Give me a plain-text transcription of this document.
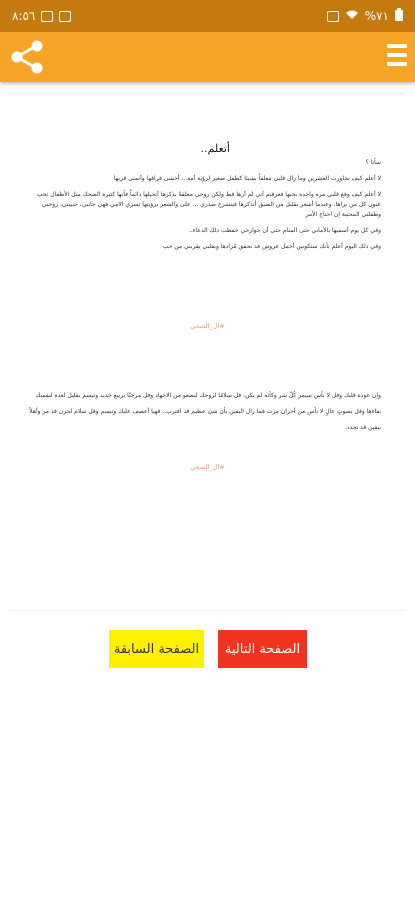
٨:٥٦	%٧١
أتعلم..

سأنا ؟

لا أعلم كيف تجاوزت العشرين وما زال قلبي معلقاً بشيئا كطفل صغير لرؤية أمه... أخشى فراقها وأتمنى قربها

لا أعلم كيف وقع قلبي مرة واحدة بحبها فعرفتم أني لم أرها قط ولكن روحي معلقةً بذكرها أتخيلها دائماً فأنها كثيرة الضحك مثل الأطفال تحب عيون كل من يراها، وعندما أشعر بقليل من الضيق أتذكرها فينشرح صدري ... على والشعر برؤيتها تسري الامي فهي جانبي، حبيبتي، زوجتي وطفلتي المحببة إن احتاج الأمر

وفي كل يوم أسميها بالأماني حتى المنام حتى أن جوارحي حفظت ذلك الدعاء..

وفي ذلك اليوم أعلم بأنك ستكونين أجمل عروس قد تحقق مُرادها وبقلبي يقربني من حب

#ال_الشحي

وإن عودة قلبك وقل لا بأس سيمر كُلّ شر وكأنه لم يكن، قل سلامًا لروحك لتصعو من الاجهاد وقل مرحبًا بربيع جديد وتبسم بقليل لعدة لنفسك نقاءها وقل بصوتٍ عالٍ لا بأس من أحزان مرت فما زال اليقين بأن شئ عظيم قد اقترب.. فهيا أعصف عليك وتبسم وقل سلام لحزن قد مر وأهلاً بيقين قد تجدد.

#ال_الشحي
الصفحة التالية
الصفحة السابقة
